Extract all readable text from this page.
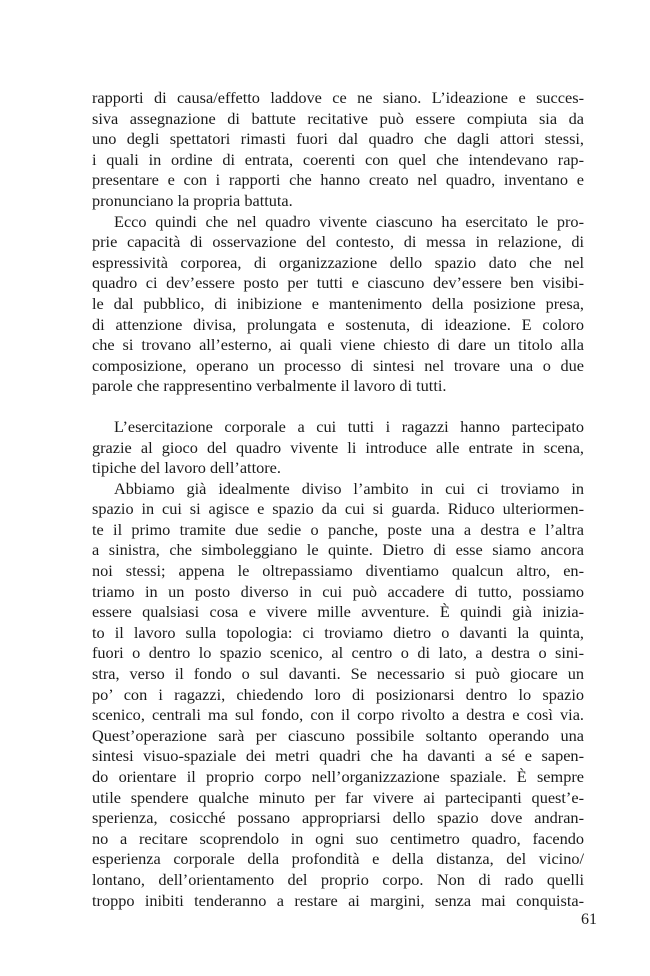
rapporti di causa/effetto laddove ce ne siano. L’ideazione e succes-
siva assegnazione di battute recitative può essere compiuta sia da
uno degli spettatori rimasti fuori dal quadro che dagli attori stessi,
i quali in ordine di entrata, coerenti con quel che intendevano rap-
presentare e con i rapporti che hanno creato nel quadro, inventano e
pronunciano la propria battuta.
Ecco quindi che nel quadro vivente ciascuno ha esercitato le pro-
prie capacità di osservazione del contesto, di messa in relazione, di
espressività corporea, di organizzazione dello spazio dato che nel
quadro ci dev’essere posto per tutti e ciascuno dev’essere ben visibi-
le dal pubblico, di inibizione e mantenimento della posizione presa,
di attenzione divisa, prolungata e sostenuta, di ideazione. E coloro
che si trovano all’esterno, ai quali viene chiesto di dare un titolo alla
composizione, operano un processo di sintesi nel trovare una o due
parole che rappresentino verbalmente il lavoro di tutti.
L’esercitazione corporale a cui tutti i ragazzi hanno partecipato
grazie al gioco del quadro vivente li introduce alle entrate in scena,
tipiche del lavoro dell’attore.
Abbiamo già idealmente diviso l’ambito in cui ci troviamo in
spazio in cui si agisce e spazio da cui si guarda. Riduco ulteriormen-
te il primo tramite due sedie o panche, poste una a destra e l’altra
a sinistra, che simboleggiano le quinte. Dietro di esse siamo ancora
noi stessi; appena le oltrepassiamo diventiamo qualcun altro, en-
triamo in un posto diverso in cui può accadere di tutto, possiamo
essere qualsiasi cosa e vivere mille avventure. È quindi già inizia-
to il lavoro sulla topologia: ci troviamo dietro o davanti la quinta,
fuori o dentro lo spazio scenico, al centro o di lato, a destra o sini-
stra, verso il fondo o sul davanti. Se necessario si può giocare un
po’ con i ragazzi, chiedendo loro di posizionarsi dentro lo spazio
scenico, centrali ma sul fondo, con il corpo rivolto a destra e così via.
Quest’operazione sarà per ciascuno possibile soltanto operando una
sintesi visuo-spaziale dei metri quadri che ha davanti a sé e sapen-
do orientare il proprio corpo nell’organizzazione spaziale. È sempre
utile spendere qualche minuto per far vivere ai partecipanti quest’e-
sperienza, cosicché possano appropriarsi dello spazio dove andran-
no a recitare scoprendolo in ogni suo centimetro quadro, facendo
esperienza corporale della profondità e della distanza, del vicino/
lontano, dell’orientamento del proprio corpo. Non di rado quelli
troppo inibiti tenderanno a restare ai margini, senza mai conquista-
61
